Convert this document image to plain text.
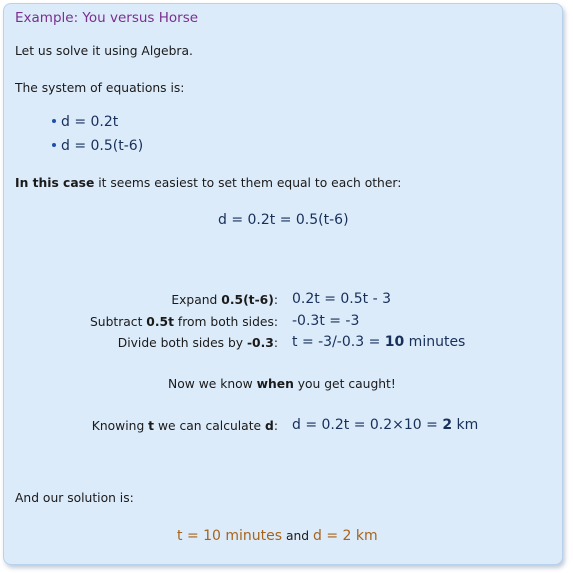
Example: You versus Horse
Let us solve it using Algebra.
The system of equations is:
d = 0.2t
d = 0.5(t-6)
In this case it seems easiest to set them equal to each other:
d = 0.2t = 0.5(t-6)
Expand 0.5(t-6): 0.2t = 0.5t - 3
Subtract 0.5t from both sides: -0.3t = -3
Divide both sides by -0.3: t = -3/-0.3 = 10 minutes
Now we know when you get caught!
Knowing t we can calculate d: d = 0.2t = 0.2×10 = 2 km
And our solution is:
t = 10 minutes and d = 2 km
